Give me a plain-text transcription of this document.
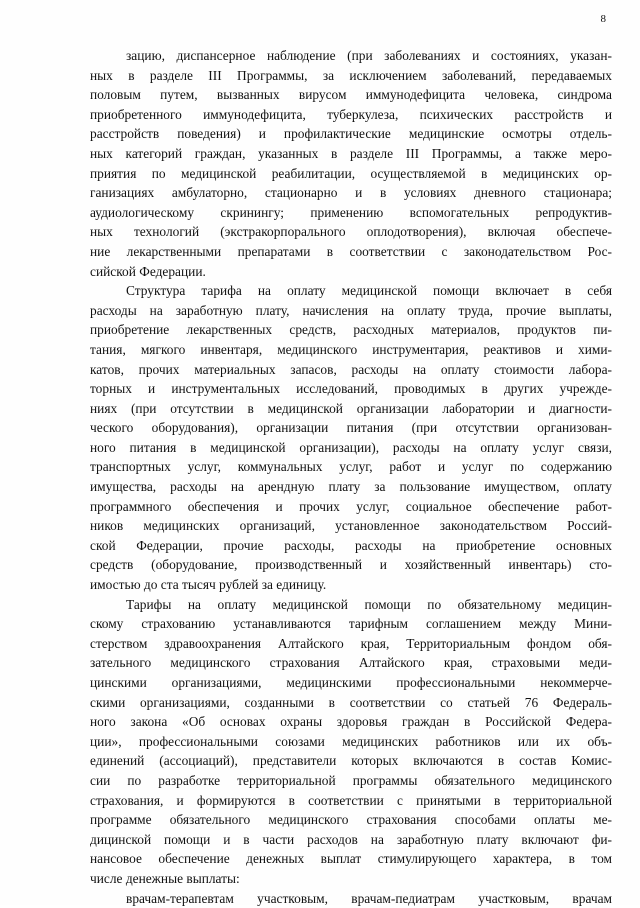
8
зацию, диспансерное наблюдение (при заболеваниях и состояниях, указан-
ных в разделе III Программы, за исключением заболеваний, передаваемых
половым путем, вызванных вирусом иммунодефицита человека, синдрома
приобретенного иммунодефицита, туберкулеза, психических расстройств и
расстройств поведения) и профилактические медицинские осмотры отдель-
ных категорий граждан, указанных в разделе III Программы, а также меро-
приятия по медицинской реабилитации, осуществляемой в медицинских ор-
ганизациях амбулаторно, стационарно и в условиях дневного стационара;
аудиологическому скринингу; применению вспомогательных репродуктив-
ных технологий (экстракорпорального оплодотворения), включая обеспече-
ние лекарственными препаратами в соответствии с законодательством Рос-
сийской Федерации.
Структура тарифа на оплату медицинской помощи включает в себя
расходы на заработную плату, начисления на оплату труда, прочие выплаты,
приобретение лекарственных средств, расходных материалов, продуктов пи-
тания, мягкого инвентаря, медицинского инструментария, реактивов и хими-
катов, прочих материальных запасов, расходы на оплату стоимости лабора-
торных и инструментальных исследований, проводимых в других учрежде-
ниях (при отсутствии в медицинской организации лаборатории и диагности-
ческого оборудования), организации питания (при отсутствии организован-
ного питания в медицинской организации), расходы на оплату услуг связи,
транспортных услуг, коммунальных услуг, работ и услуг по содержанию
имущества, расходы на арендную плату за пользование имуществом, оплату
программного обеспечения и прочих услуг, социальное обеспечение работ-
ников медицинских организаций, установленное законодательством Россий-
ской Федерации, прочие расходы, расходы на приобретение основных
средств (оборудование, производственный и хозяйственный инвентарь) сто-
имостью до ста тысяч рублей за единицу.
Тарифы на оплату медицинской помощи по обязательному медицин-
скому страхованию устанавливаются тарифным соглашением между Мини-
стерством здравоохранения Алтайского края, Территориальным фондом обя-
зательного медицинского страхования Алтайского края, страховыми меди-
цинскими организациями, медицинскими профессиональными некоммерче-
скими организациями, созданными в соответствии со статьей 76 Федераль-
ного закона «Об основах охраны здоровья граждан в Российской Федера-
ции», профессиональными союзами медицинских работников или их объ-
единений (ассоциаций), представители которых включаются в состав Комис-
сии по разработке территориальной программы обязательного медицинского
страхования, и формируются в соответствии с принятыми в территориальной
программе обязательного медицинского страхования способами оплаты ме-
дицинской помощи и в части расходов на заработную плату включают фи-
нансовое обеспечение денежных выплат стимулирующего характера, в том
числе денежные выплаты:
врачам-терапевтам участковым, врачам-педиатрам участковым, врачам
